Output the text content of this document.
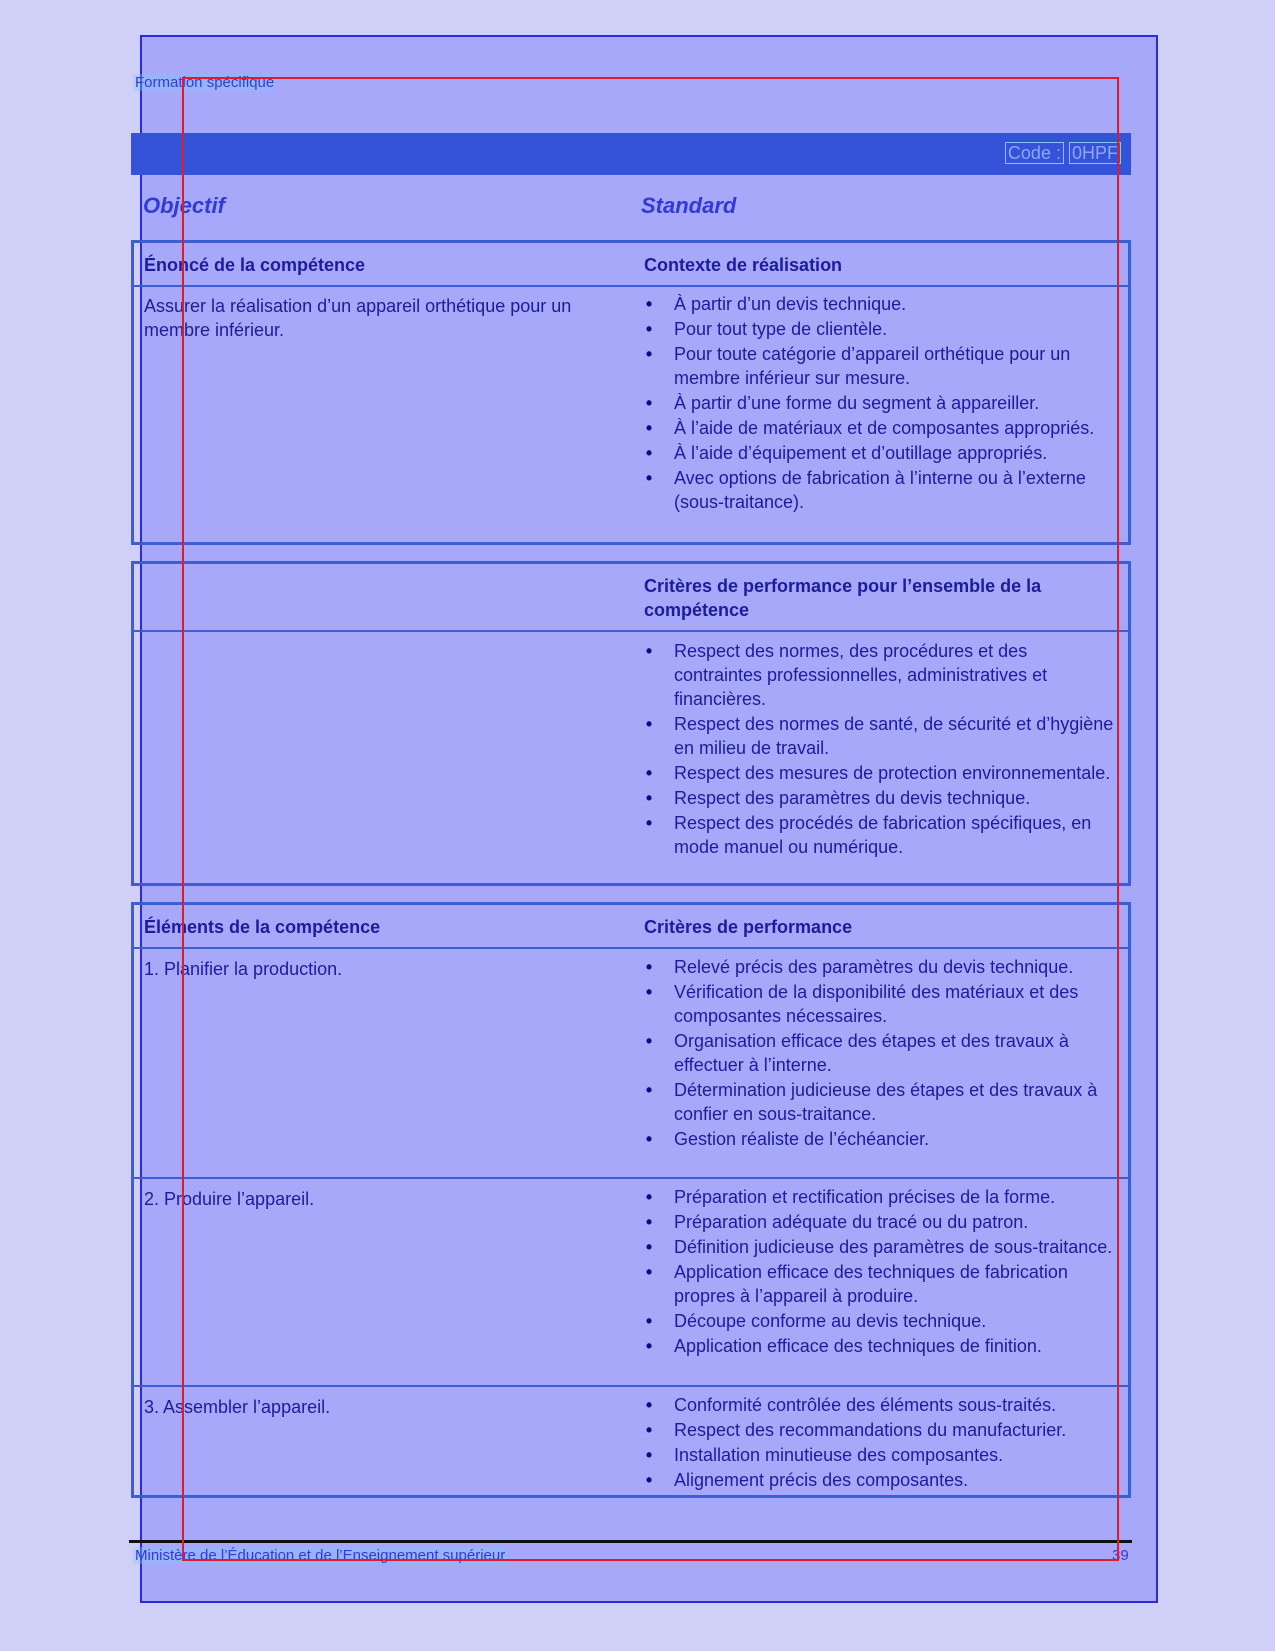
Formation spécifique
Code : 0HPF
Objectif	Standard
Énoncé de la compétence	Contexte de réalisation
Assurer la réalisation d’un appareil orthétique pour un membre inférieur.
• À partir d’un devis technique.
• Pour tout type de clientèle.
• Pour toute catégorie d’appareil orthétique pour un membre inférieur sur mesure.
• À partir d’une forme du segment à appareiller.
• À l’aide de matériaux et de composantes appropriés.
• À l’aide d’équipement et d’outillage appropriés.
• Avec options de fabrication à l’interne ou à l’externe (sous-traitance).
Critères de performance pour l’ensemble de la compétence
• Respect des normes, des procédures et des contraintes professionnelles, administratives et financières.
• Respect des normes de santé, de sécurité et d’hygiène en milieu de travail.
• Respect des mesures de protection environnementale.
• Respect des paramètres du devis technique.
• Respect des procédés de fabrication spécifiques, en mode manuel ou numérique.
Éléments de la compétence	Critères de performance
1. Planifier la production.	• Relevé précis des paramètres du devis technique.
• Vérification de la disponibilité des matériaux et des composantes nécessaires.
• Organisation efficace des étapes et des travaux à effectuer à l’interne.
• Détermination judicieuse des étapes et des travaux à confier en sous-traitance.
• Gestion réaliste de l’échéancier.
2. Produire l’appareil.	• Préparation et rectification précises de la forme.
• Préparation adéquate du tracé ou du patron.
• Définition judicieuse des paramètres de sous-traitance.
• Application efficace des techniques de fabrication propres à l’appareil à produire.
• Découpe conforme au devis technique.
• Application efficace des techniques de finition.
3. Assembler l’appareil.	• Conformité contrôlée des éléments sous-traités.
• Respect des recommandations du manufacturier.
• Installation minutieuse des composantes.
• Alignement précis des composantes.
Ministère de l’Éducation et de l’Enseignement supérieur	39
